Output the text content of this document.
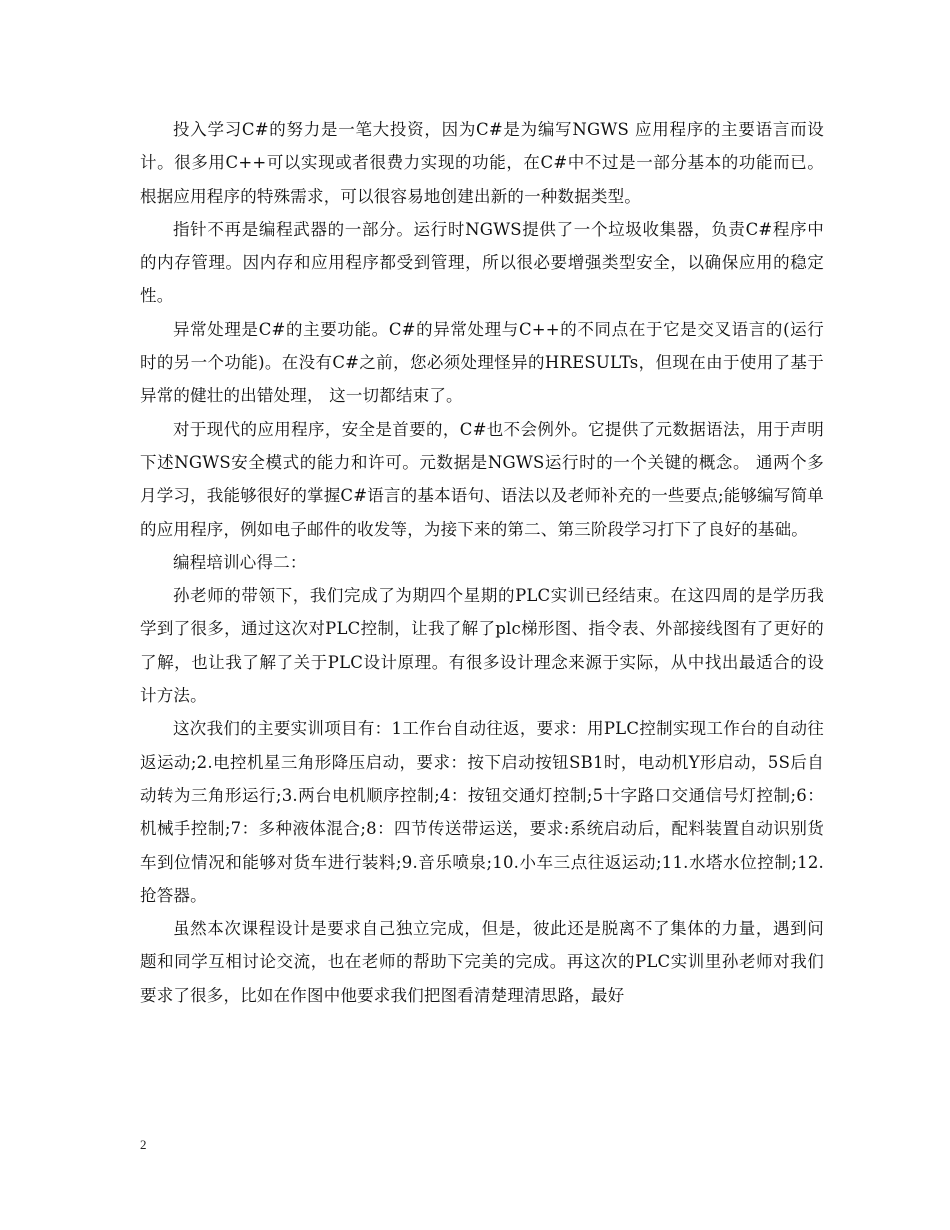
投入学习C#的努力是一笔大投资，因为C#是为编写NGWS 应用程序的主要语言而设计。很多用C++可以实现或者很费力实现的功能，在C#中不过是一部分基本的功能而已。根据应用程序的特殊需求，可以很容易地创建出新的一种数据类型。

指针不再是编程武器的一部分。运行时NGWS提供了一个垃圾收集器，负责C#程序中的内存管理。因内存和应用程序都受到管理，所以很必要增强类型安全，以确保应用的稳定性。

异常处理是C#的主要功能。C#的异常处理与C++的不同点在于它是交叉语言的(运行时的另一个功能)。在没有C#之前，您必须处理怪异的HRESULTs，但现在由于使用了基于异常的健壮的出错处理， 这一切都结束了。

对于现代的应用程序，安全是首要的，C#也不会例外。它提供了元数据语法，用于声明下述NGWS安全模式的能力和许可。元数据是NGWS运行时的一个关键的概念。 通两个多月学习，我能够很好的掌握C#语言的基本语句、语法以及老师补充的一些要点;能够编写简单的应用程序，例如电子邮件的收发等，为接下来的第二、第三阶段学习打下了良好的基础。

编程培训心得二：

孙老师的带领下，我们完成了为期四个星期的PLC实训已经结束。在这四周的是学历我学到了很多，通过这次对PLC控制，让我了解了plc梯形图、指令表、外部接线图有了更好的了解，也让我了解了关于PLC设计原理。有很多设计理念来源于实际，从中找出最适合的设计方法。

这次我们的主要实训项目有：1工作台自动往返，要求：用PLC控制实现工作台的自动往返运动;2.电控机星三角形降压启动，要求：按下启动按钮SB1时，电动机Y形启动，5S后自动转为三角形运行;3.两台电机顺序控制;4：按钮交通灯控制;5十字路口交通信号灯控制;6：机械手控制;7：多种液体混合;8：四节传送带运送，要求:系统启动后，配料装置自动识别货车到位情况和能够对货车进行装料;9.音乐喷泉;10.小车三点往返运动;11.水塔水位控制;12.抢答器。

虽然本次课程设计是要求自己独立完成，但是，彼此还是脱离不了集体的力量，遇到问题和同学互相讨论交流，也在老师的帮助下完美的完成。再这次的PLC实训里孙老师对我们要求了很多，比如在作图中他要求我们把图看清楚理清思路，最好

2
